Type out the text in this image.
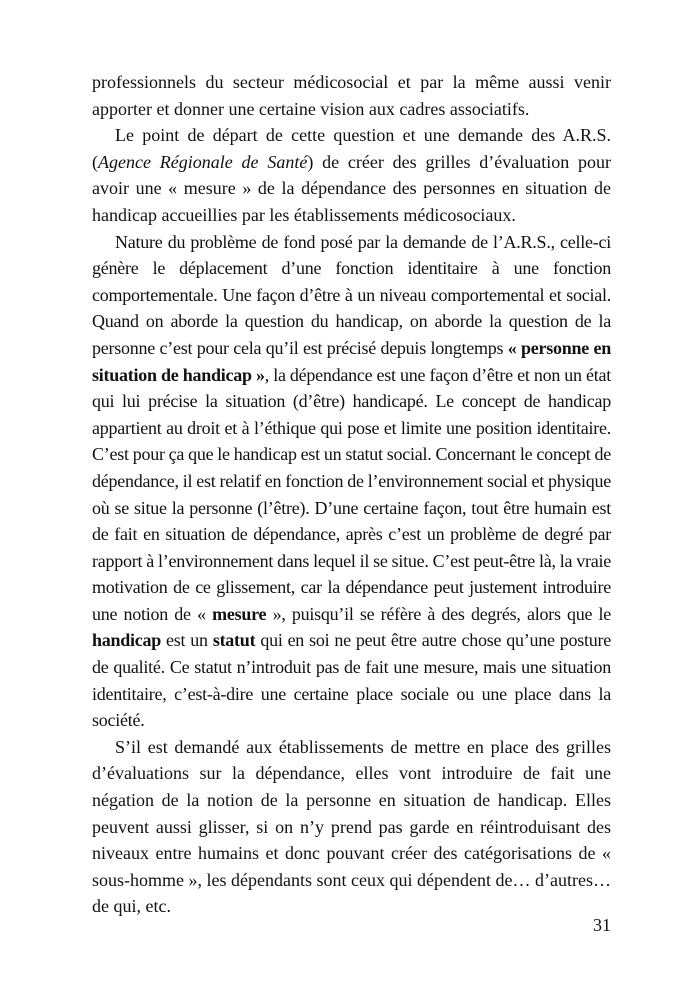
professionnels du secteur médicosocial et par la même aussi venir apporter et donner une certaine vision aux cadres associatifs.

Le point de départ de cette question et une demande des A.R.S. (Agence Régionale de Santé) de créer des grilles d’évaluation pour avoir une « mesure » de la dépendance des personnes en situation de handicap accueillies par les établissements médicosociaux.

Nature du problème de fond posé par la demande de l’A.R.S., celle-ci génère le déplacement d’une fonction identitaire à une fonction comportementale. Une façon d’être à un niveau comportemental et social. Quand on aborde la question du handicap, on aborde la question de la personne c’est pour cela qu’il est précisé depuis longtemps « personne en situation de handicap », la dépendance est une façon d’être et non un état qui lui précise la situation (d’être) handicapé. Le concept de handicap appartient au droit et à l’éthique qui pose et limite une position identitaire. C’est pour ça que le handicap est un statut social. Concernant le concept de dépendance, il est relatif en fonction de l’environnement social et physique où se situe la personne (l’être). D’une certaine façon, tout être humain est de fait en situation de dépendance, après c’est un problème de degré par rapport à l’environnement dans lequel il se situe. C’est peut-être là, la vraie motivation de ce glissement, car la dépendance peut justement introduire une notion de « mesure », puisqu’il se réfère à des degrés, alors que le handicap est un statut qui en soi ne peut être autre chose qu’une posture de qualité. Ce statut n’introduit pas de fait une mesure, mais une situation identitaire, c’est-à-dire une certaine place sociale ou une place dans la société.

S’il est demandé aux établissements de mettre en place des grilles d’évaluations sur la dépendance, elles vont introduire de fait une négation de la notion de la personne en situation de handicap. Elles peuvent aussi glisser, si on n’y prend pas garde en réintroduisant des niveaux entre humains et donc pouvant créer des catégorisations de « sous-homme », les dépendants sont ceux qui dépendent de… d’autres… de qui, etc.

31
